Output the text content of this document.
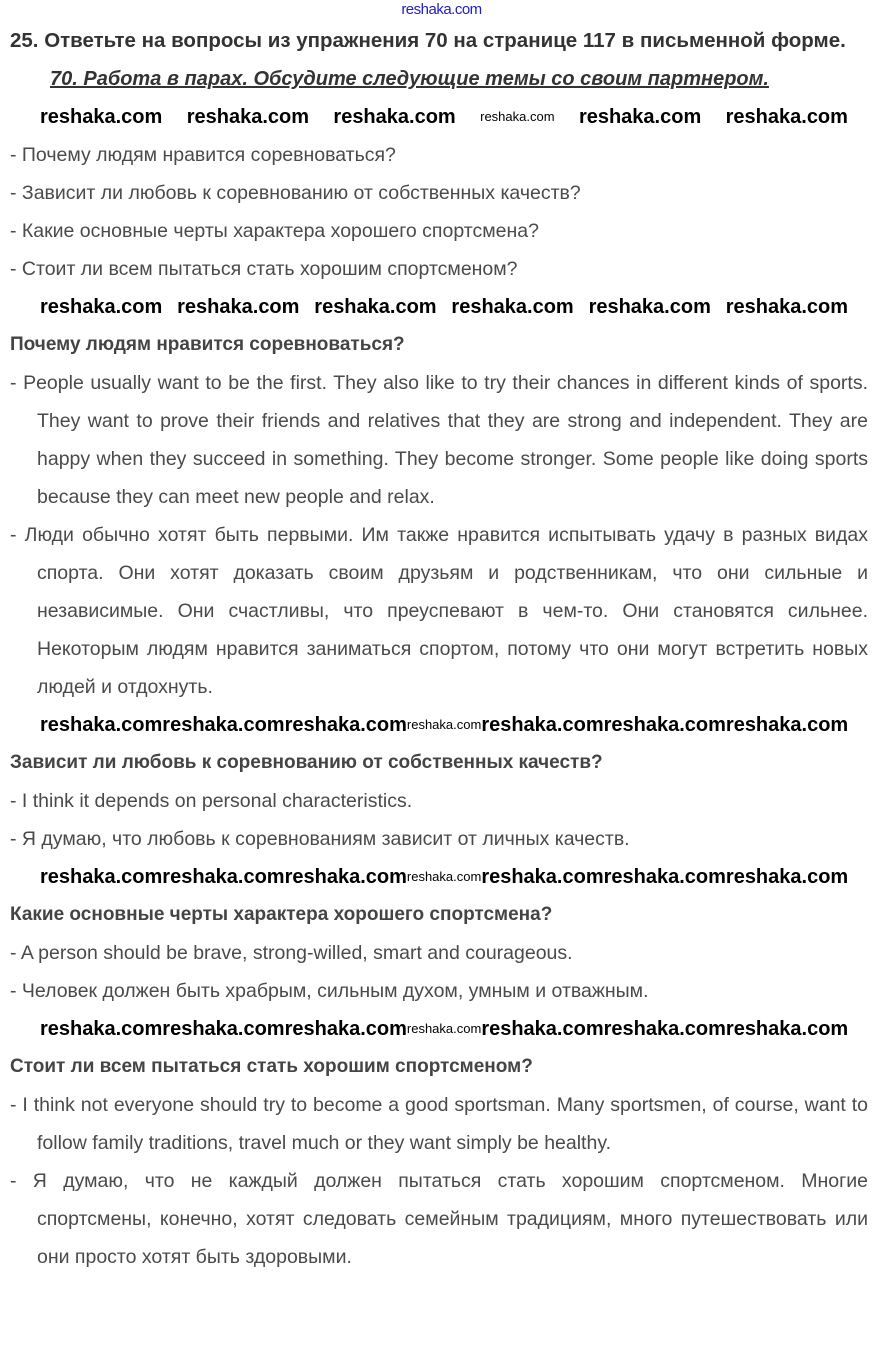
reshaka.com
25. Ответьте на вопросы из упражнения 70 на странице 117 в письменной форме.
70. Работа в парах. Обсудите следующие темы со своим партнером.
reshaka.com reshaka.com reshaka.com reshaka.com reshaka.com reshaka.com
- Почему людям нравится соревноваться?
- Зависит ли любовь к соревнованию от собственных качеств?
- Какие основные черты характера хорошего спортсмена?
- Стоит ли всем пытаться стать хорошим спортсменом?
reshaka.com reshaka.com reshaka.com reshaka.com reshaka.com reshaka.com
Почему людям нравится соревноваться?
- People usually want to be the first. They also like to try their chances in different kinds of sports. They want to prove their friends and relatives that they are strong and independent. They are happy when they succeed in something. They become stronger. Some people like doing sports because they can meet new people and relax.
- Люди обычно хотят быть первыми. Им также нравится испытывать удачу в разных видах спорта. Они хотят доказать своим друзьям и родственникам, что они сильные и независимые. Они счастливы, что преуспевают в чем-то. Они становятся сильнее. Некоторым людям нравится заниматься спортом, потому что они могут встретить новых людей и отдохнуть.
reshaka.com reshaka.com reshaka.com reshaka.com reshaka.com reshaka.com reshaka.com
Зависит ли любовь к соревнованию от собственных качеств?
- I think it depends on personal characteristics.
- Я думаю, что любовь к соревнованиям зависит от личных качеств.
reshaka.com reshaka.com reshaka.com reshaka.com reshaka.com reshaka.com reshaka.com
Какие основные черты характера хорошего спортсмена?
- A person should be brave, strong-willed, smart and courageous.
- Человек должен быть храбрым, сильным духом, умным и отважным.
reshaka.com reshaka.com reshaka.com reshaka.com reshaka.com reshaka.com reshaka.com
Стоит ли всем пытаться стать хорошим спортсменом?
- I think not everyone should try to become a good sportsman. Many sportsmen, of course, want to follow family traditions, travel much or they want simply be healthy.
- Я думаю, что не каждый должен пытаться стать хорошим спортсменом. Многие спортсмены, конечно, хотят следовать семейным традициям, много путешествовать или они просто хотят быть здоровыми.
